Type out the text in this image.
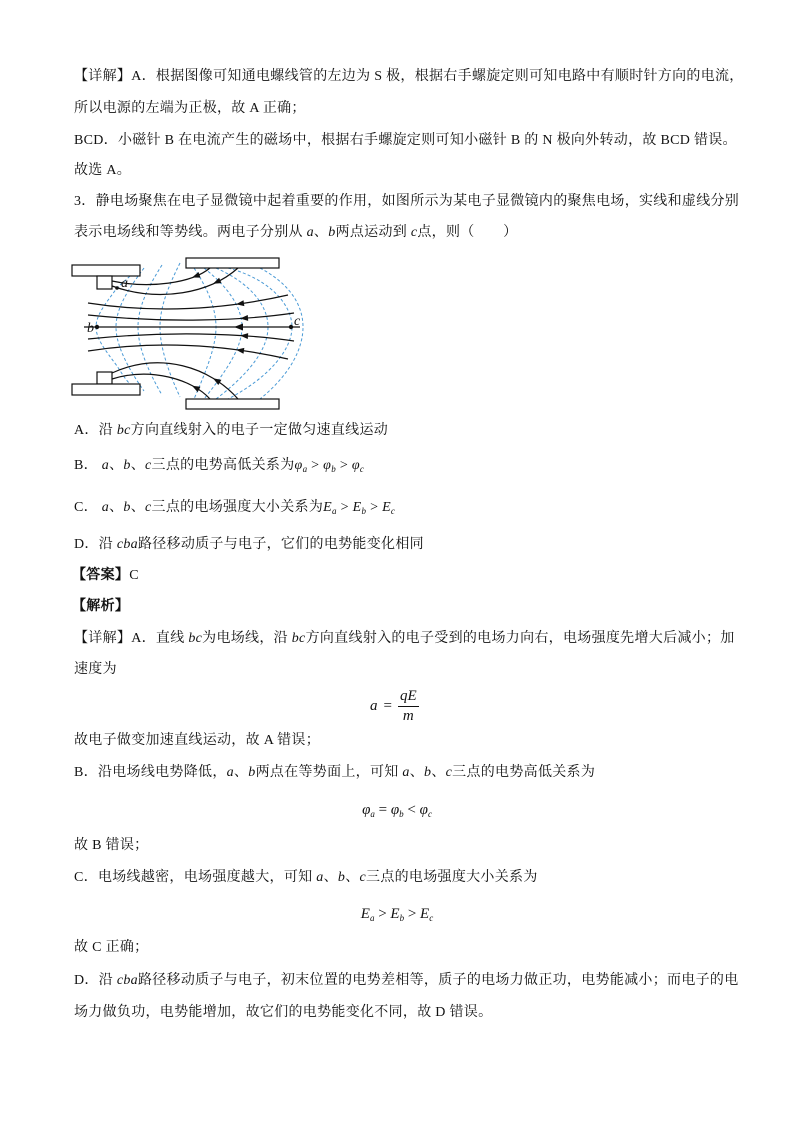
【详解】A．根据图像可知通电螺线管的左边为 S 极，根据右手螺旋定则可知电路中有顺时针方向的电流，
所以电源的左端为正极，故 A 正确；
BCD．小磁针 B 在电流产生的磁场中，根据右手螺旋定则可知小磁针 B 的 N 极向外转动，故 BCD 错误。
故选 A。
3．静电场聚焦在电子显微镜中起着重要的作用，如图所示为某电子显微镜内的聚焦电场，实线和虚线分别
表示电场线和等势线。两电子分别从 a、b两点运动到 c点，则（　　）
a
b	c
A．沿 bc方向直线射入的电子一定做匀速直线运动
B． a、b、c三点的电势高低关系为$\varphi_a > \varphi_b > \varphi_c$
C． a、b、c三点的电场强度大小关系为$E_a > E_b > E_c$
D．沿 cba路径移动质子与电子，它们的电势能变化相同
【答案】C
【解析】
【详解】A．直线 bc为电场线，沿 bc方向直线射入的电子受到的电场力向右，电场强度先增大后减小；加
速度为
$a = \frac{qE}{m}$
故电子做变加速直线运动，故 A 错误；
B．沿电场线电势降低，a、b两点在等势面上，可知 a、b、c三点的电势高低关系为
$\varphi_a = \varphi_b < \varphi_c$
故 B 错误；
C．电场线越密，电场强度越大，可知 a、b、c三点的电场强度大小关系为
$E_a > E_b > E_c$
故 C 正确；
D．沿 cba路径移动质子与电子，初末位置的电势差相等，质子的电场力做正功，电势能减小；而电子的电
场力做负功，电势能增加，故它们的电势能变化不同，故 D 错误。
